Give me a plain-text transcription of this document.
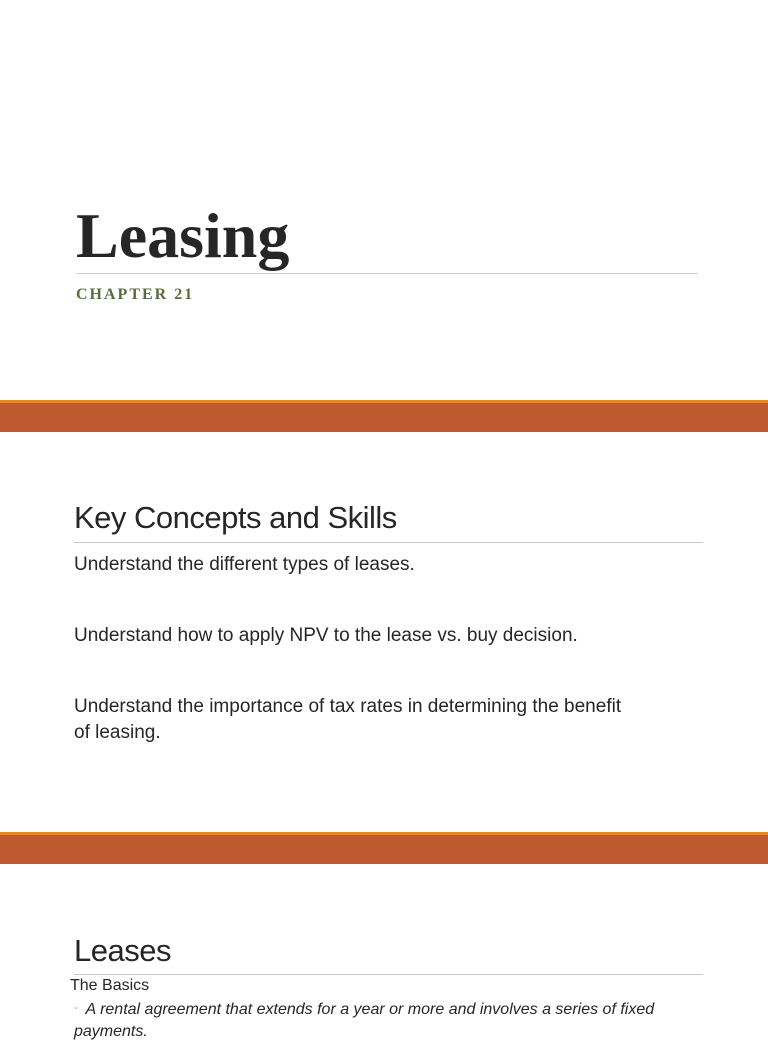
Leasing

CHAPTER 21

Key Concepts and Skills

Understand the different types of leases.

Understand how to apply NPV to the lease vs. buy decision.

Understand the importance of tax rates in determining the benefit of leasing.

Leases

The Basics

◦ A rental agreement that extends for a year or more and involves a series of fixed payments.
